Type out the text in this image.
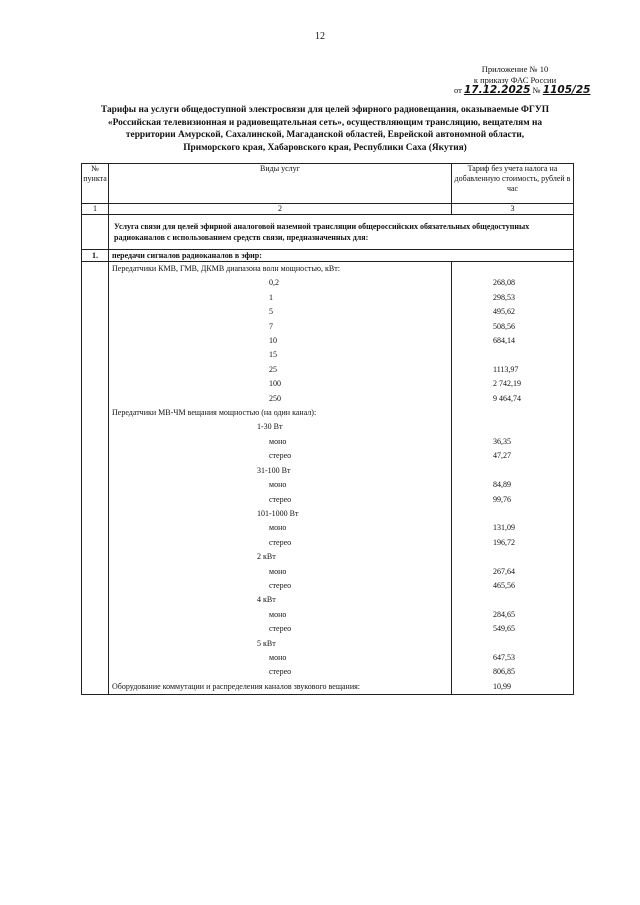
12
Приложение № 10
к приказу ФАС России
от 17.12.2025 № 1105/25
Тарифы на услуги общедоступной электросвязи для целей эфирного радиовещания, оказываемые ФГУП «Российская телевизионная и радиовещательная сеть», осуществляющим трансляцию, вещателям на территории Амурской, Сахалинской, Магаданской областей, Еврейской автономной области, Приморского края, Хабаровского края, Республики Саха (Якутия)
№ пункта	Виды услуг	Тариф без учета налога на добавленную стоимость, рублей в час
1	2	3
	Услуга связи для целей эфирной аналоговой наземной трансляции общероссийских обязательных общедоступных радиоканалов с использованием средств связи, предназначенных для:	
1.	передачи сигналов радиоканалов в эфир:	
	Передатчики КМВ, ГМВ, ДКМВ диапазона волн мощностью, кВт:	
	0,2	268,08
	1	298,53
	5	495,62
	7	508,56
	10	684,14
	15	
	25	1113,97
	100	2 742,19
	250	9 464,74
	Передатчики МВ-ЧМ вещания мощностью (на один канал):	
	1-30 Вт	
	моно	36,35
	стерео	47,27
	31-100 Вт	
	моно	84,89
	стерео	99,76
	101-1000 Вт	
	моно	131,09
	стерео	196,72
	2 кВт	
	моно	267,64
	стерео	465,56
	4 кВт	
	моно	284,65
	стерео	549,65
	5 кВт	
	моно	647,53
	стерео	806,85
	Оборудование коммутации и распределения каналов звукового вещания:	10,99
